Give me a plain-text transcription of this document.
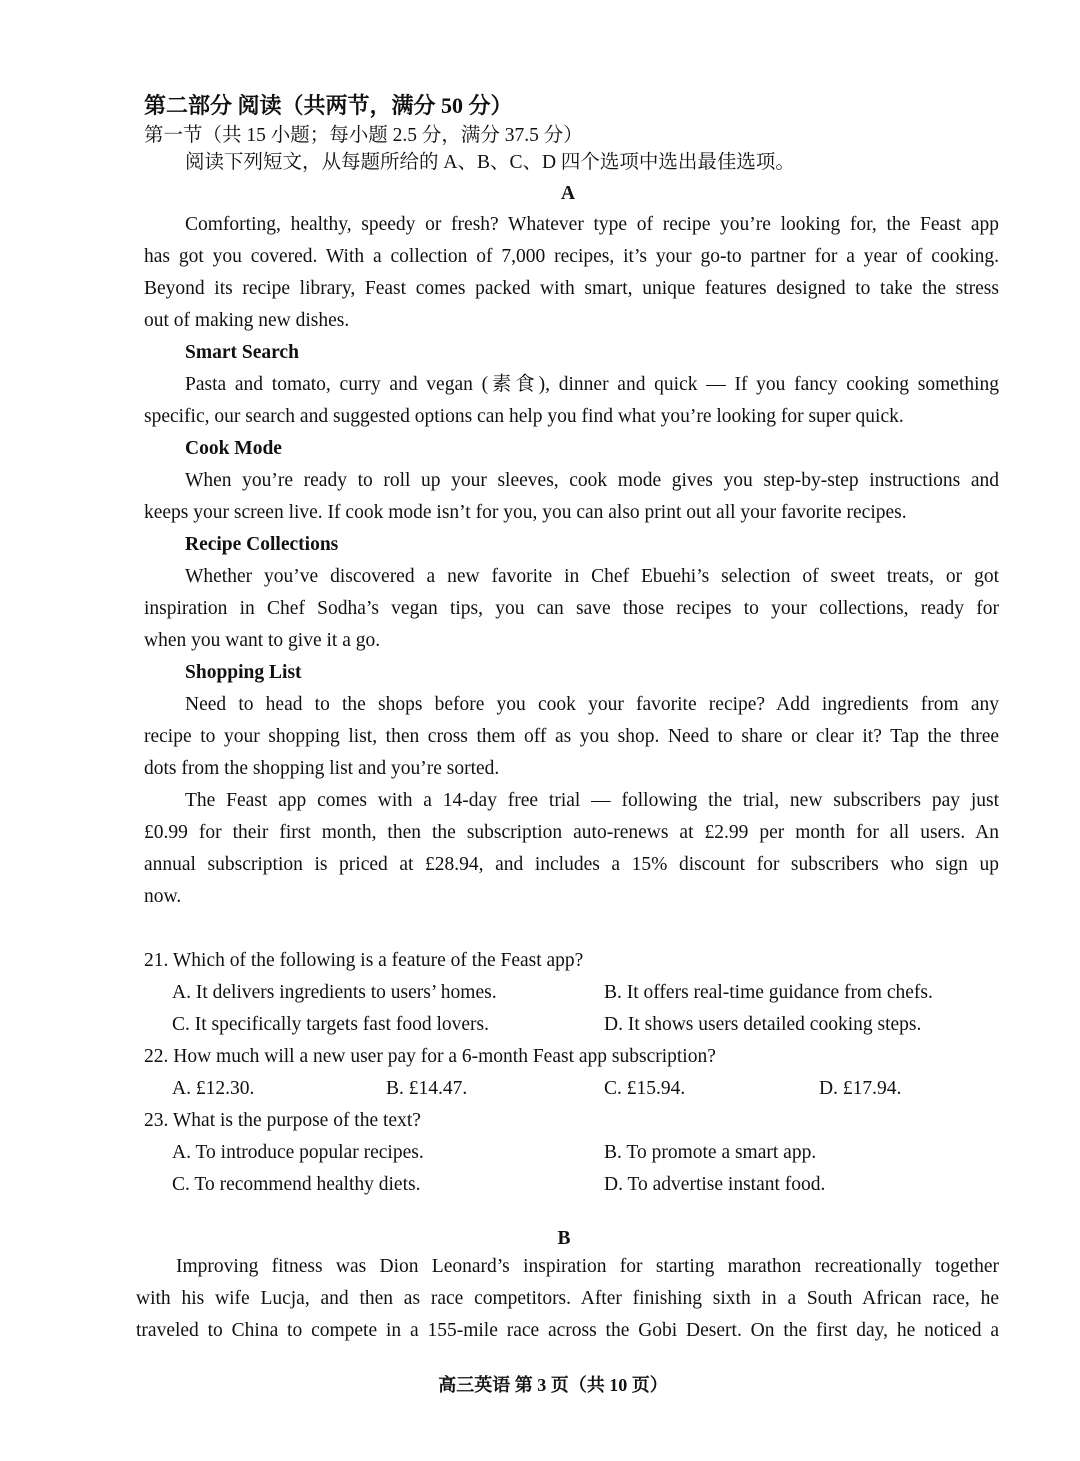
第二部分 阅读（共两节，满分 50 分）
第一节（共 15 小题；每小题 2.5 分，满分 37.5 分）
阅读下列短文，从每题所给的 A、B、C、D 四个选项中选出最佳选项。
A
Comforting, healthy, speedy or fresh? Whatever type of recipe you’re looking for, the Feast app
has got you covered. With a collection of 7,000 recipes, it’s your go-to partner for a year of cooking.
Beyond its recipe library, Feast comes packed with smart, unique features designed to take the stress
out of making new dishes.
Smart Search
Pasta and tomato, curry and vegan (素食), dinner and quick — If you fancy cooking something
specific, our search and suggested options can help you find what you’re looking for super quick.
Cook Mode
When you’re ready to roll up your sleeves, cook mode gives you step-by-step instructions and
keeps your screen live. If cook mode isn’t for you, you can also print out all your favorite recipes.
Recipe Collections
Whether you’ve discovered a new favorite in Chef Ebuehi’s selection of sweet treats, or got
inspiration in Chef Sodha’s vegan tips, you can save those recipes to your collections, ready for
when you want to give it a go.
Shopping List
Need to head to the shops before you cook your favorite recipe? Add ingredients from any
recipe to your shopping list, then cross them off as you shop. Need to share or clear it? Tap the three
dots from the shopping list and you’re sorted.
The Feast app comes with a 14-day free trial — following the trial, new subscribers pay just
£0.99 for their first month, then the subscription auto-renews at £2.99 per month for all users. An
annual subscription is priced at £28.94, and includes a 15% discount for subscribers who sign up
now.
21. Which of the following is a feature of the Feast app?
A. It delivers ingredients to users’ homes.	B. It offers real-time guidance from chefs.
C. It specifically targets fast food lovers.	D. It shows users detailed cooking steps.
22. How much will a new user pay for a 6-month Feast app subscription?
A. £12.30.	B. £14.47.	C. £15.94.	D. £17.94.
23. What is the purpose of the text?
A. To introduce popular recipes.	B. To promote a smart app.
C. To recommend healthy diets.	D. To advertise instant food.
B
Improving fitness was Dion Leonard’s inspiration for starting marathon recreationally together
with his wife Lucja, and then as race competitors. After finishing sixth in a South African race, he
traveled to China to compete in a 155-mile race across the Gobi Desert. On the first day, he noticed a
高三英语 第 3 页（共 10 页）
